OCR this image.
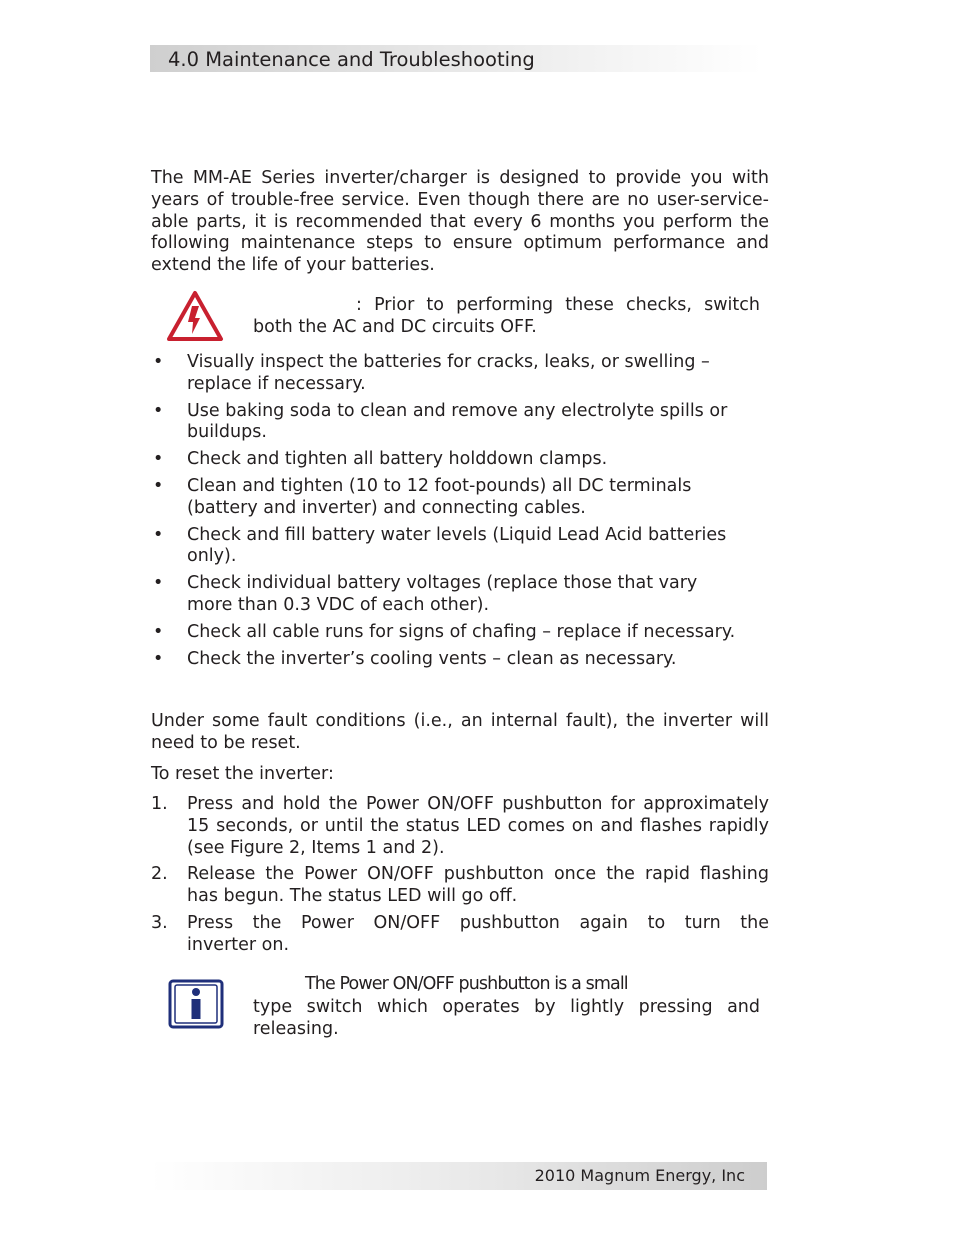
4.0 Maintenance and Troubleshooting
The MM-AE Series inverter/charger is designed to provide you with
years of trouble-free service. Even though there are no user-service-
able parts, it is recommended that every 6 months you perform the
following maintenance steps to ensure optimum performance and
extend the life of your batteries.
: Prior to performing these checks, switch
both the AC and DC circuits OFF.
• Visually inspect the batteries for cracks, leaks, or swelling –
replace if necessary.
• Use baking soda to clean and remove any electrolyte spills or
buildups.
• Check and tighten all battery holddown clamps.
• Clean and tighten (10 to 12 foot-pounds) all DC terminals
(battery and inverter) and connecting cables.
• Check and fill battery water levels (Liquid Lead Acid batteries
only).
• Check individual battery voltages (replace those that vary
more than 0.3 VDC of each other).
• Check all cable runs for signs of chafing – replace if necessary.
• Check the inverter’s cooling vents – clean as necessary.
Under some fault conditions (i.e., an internal fault), the inverter will
need to be reset.
To reset the inverter:
1. Press and hold the Power ON/OFF pushbutton for approximately
15 seconds, or until the status LED comes on and flashes rapidly
(see Figure 2, Items 1 and 2).
2. Release the Power ON/OFF pushbutton once the rapid flashing
has begun. The status LED will go off.
3. Press the Power ON/OFF pushbutton again to turn the
inverter on.
The Power ON/OFF pushbutton is a small
type switch which operates by lightly pressing and
releasing.
2010 Magnum Energy, Inc
